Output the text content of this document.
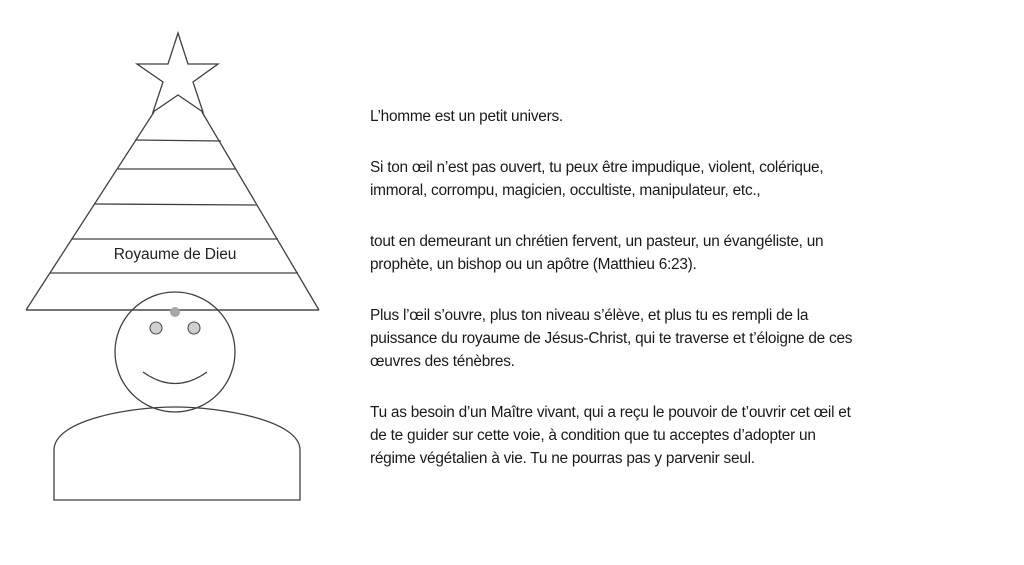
Royaume de Dieu

L’homme est un petit univers.

Si ton œil n’est pas ouvert, tu peux être impudique, violent, colérique,
immoral, corrompu, magicien, occultiste, manipulateur, etc.,

tout en demeurant un chrétien fervent, un pasteur, un évangéliste, un
prophète, un bishop ou un apôtre (Matthieu 6:23).

Plus l’œil s’ouvre, plus ton niveau s’élève, et plus tu es rempli de la
puissance du royaume de Jésus-Christ, qui te traverse et t’éloigne de ces
œuvres des ténèbres.

Tu as besoin d’un Maître vivant, qui a reçu le pouvoir de t’ouvrir cet œil et
de te guider sur cette voie, à condition que tu acceptes d’adopter un
régime végétalien à vie. Tu ne pourras pas y parvenir seul.
